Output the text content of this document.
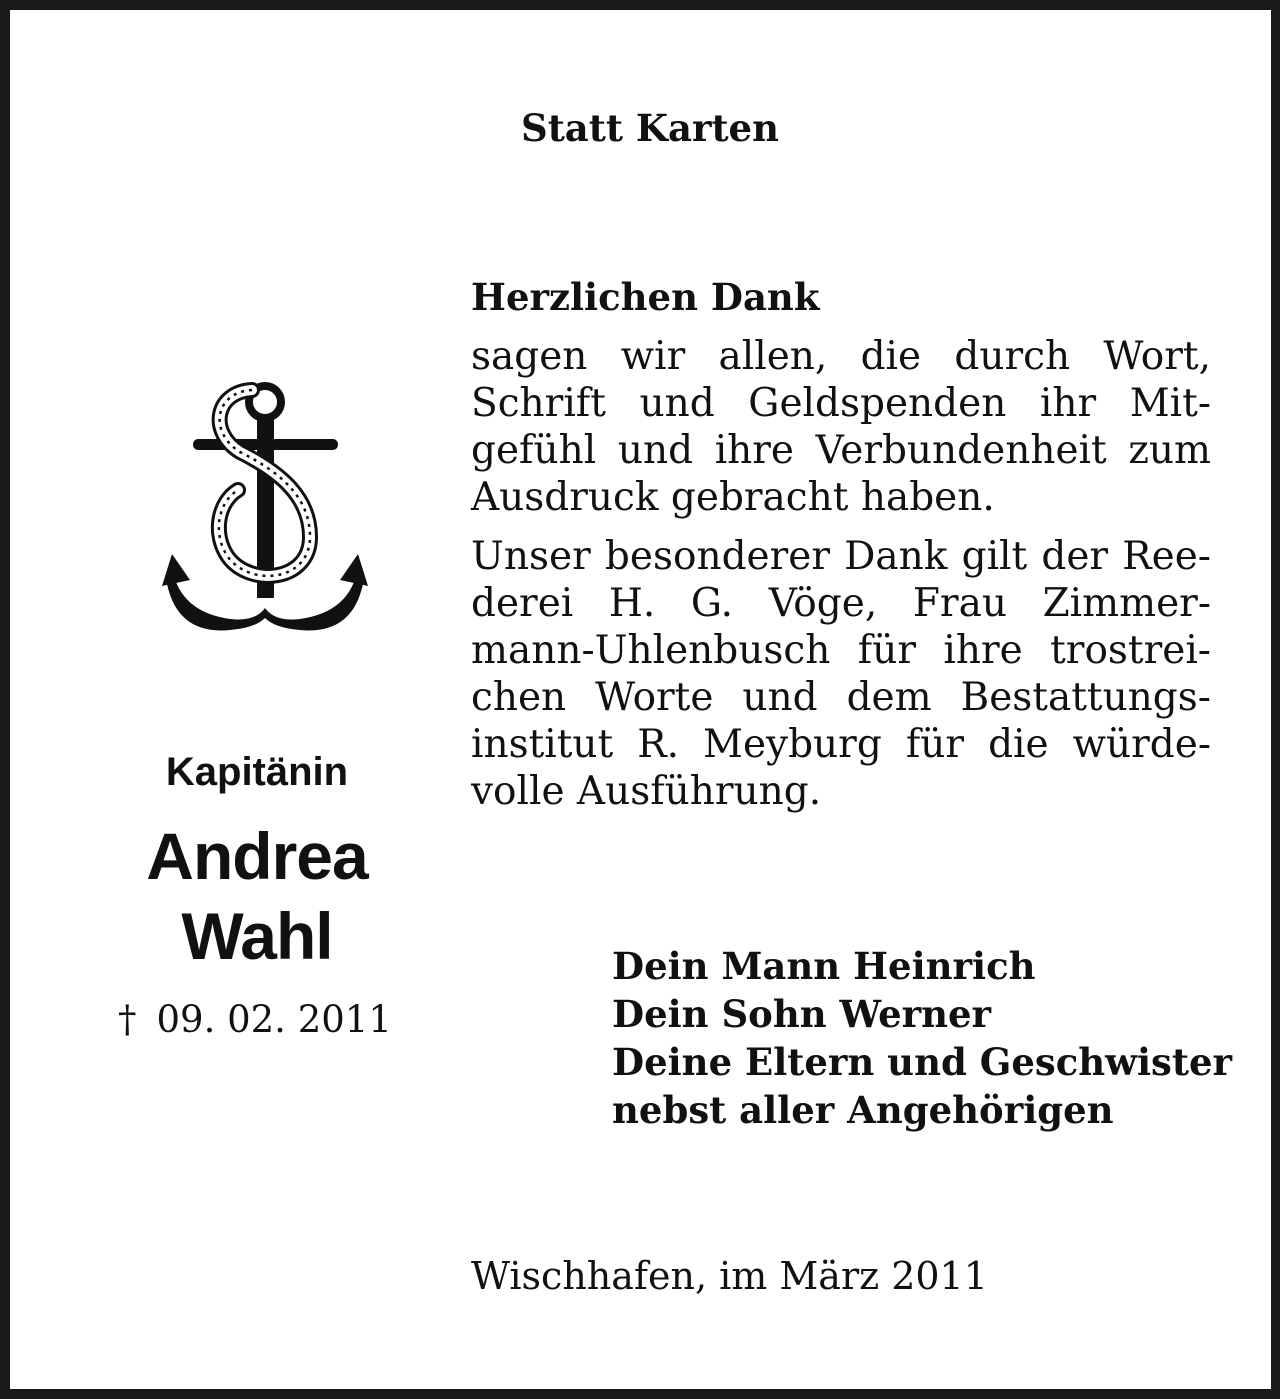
Statt Karten
Herzlichen Dank
sagen wir allen, die durch Wort,
Schrift und Geldspenden ihr Mit-
gefühl und ihre Verbundenheit zum
Ausdruck gebracht haben.
Unser besonderer Dank gilt der Ree-
derei H. G. Vöge, Frau Zimmer-
mann-Uhlenbusch für ihre trostrei-
chen Worte und dem Bestattungs-
institut R. Meyburg für die würde-
volle Ausführung.
Kapitänin
Andrea
Wahl
† 09. 02. 2011
Dein Mann Heinrich
Dein Sohn Werner
Deine Eltern und Geschwister
nebst aller Angehörigen
Wischhafen, im März 2011
